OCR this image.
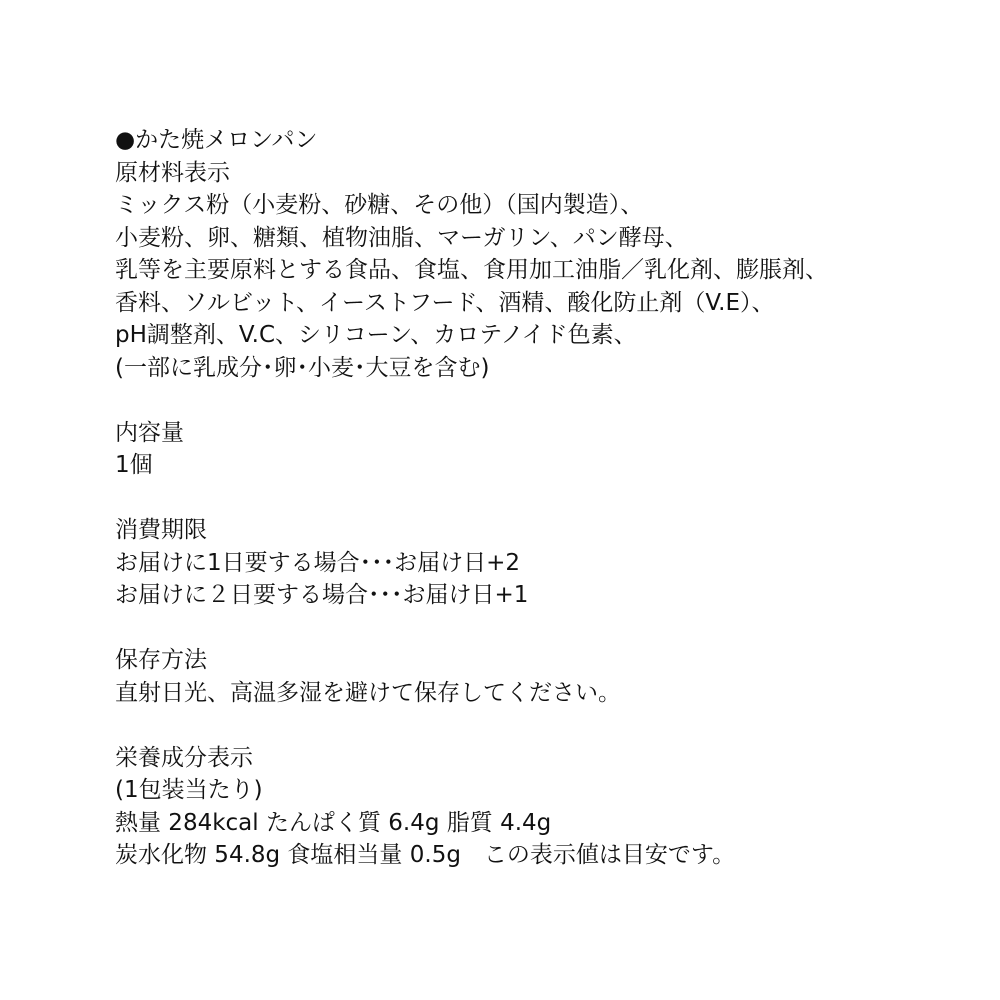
●かた焼メロンパン
原材料表示
ミックス粉（小麦粉、砂糖、その他）（国内製造）、
小麦粉、卵、糖類、植物油脂、マーガリン、パン酵母、
乳等を主要原料とする食品、食塩、食用加工油脂／乳化剤、膨脹剤、
香料、ソルビット、イーストフード、酒精、酸化防止剤（V.E）、
pH調整剤、V.C、シリコーン、カロテノイド色素、
(一部に乳成分･卵･小麦･大豆を含む)
内容量
1個
消費期限
お届けに1日要する場合･･･お届け日+2
お届けに２日要する場合･･･お届け日+1
保存方法
直射日光、高温多湿を避けて保存してください。
栄養成分表示
(1包装当たり)
熱量 284kcal たんぱく質 6.4g 脂質 4.4g
炭水化物 54.8g 食塩相当量 0.5g　この表示値は目安です。
